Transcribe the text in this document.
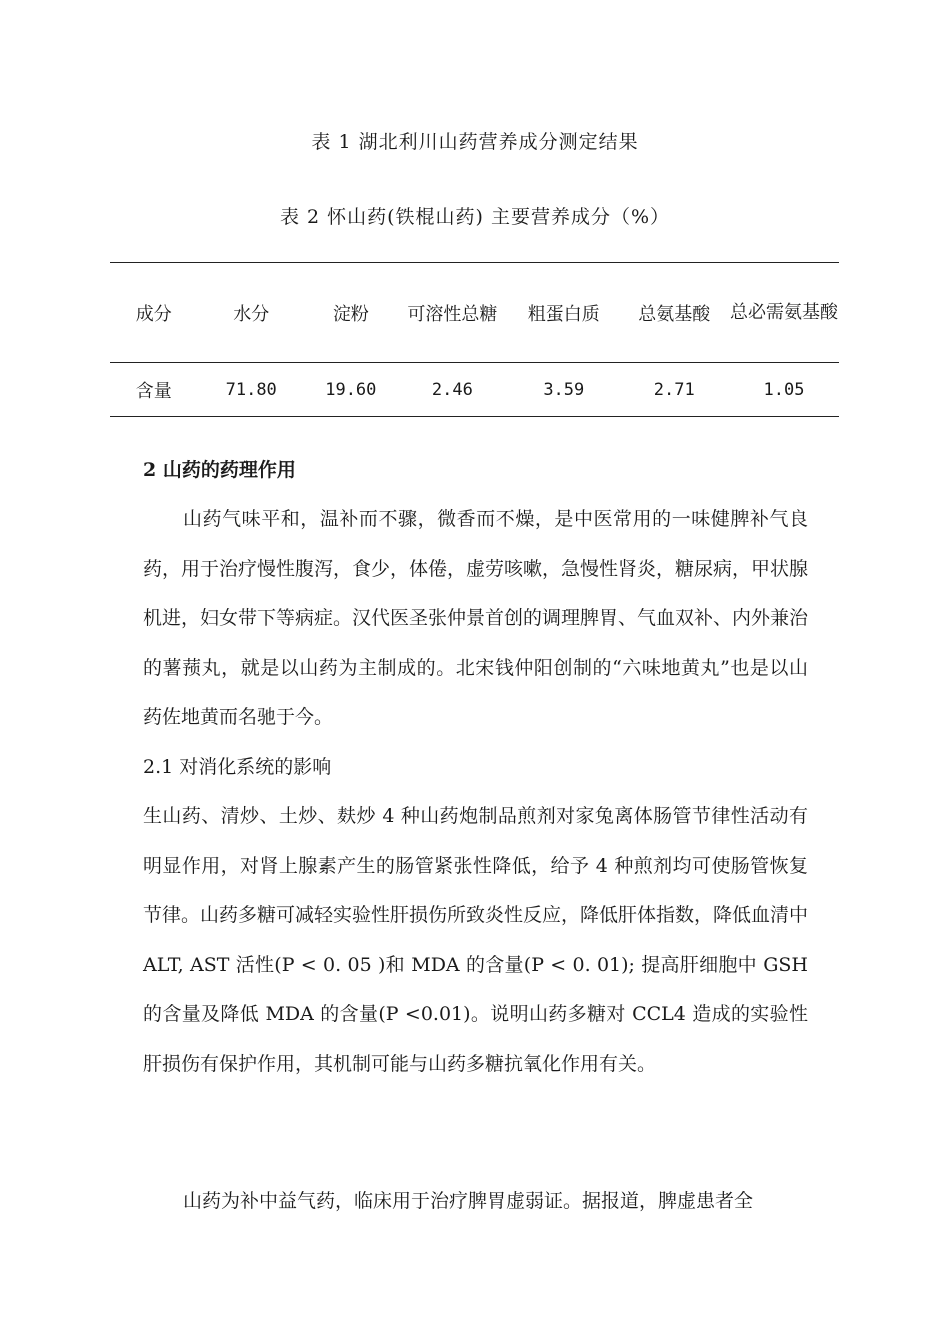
表 1 湖北利川山药营养成分测定结果
表 2 怀山药(铁棍山药) 主要营养成分（%）
成分	水分	淀粉	可溶性总糖	粗蛋白质	总氨基酸	总必需氨基酸
含量	71.80	19.60	2.46	3.59	2.71	1.05
2 山药的药理作用
山药气味平和，温补而不骤，微香而不燥，是中医常用的一味健脾补气良药，用于治疗慢性腹泻，食少，体倦，虚劳咳嗽，急慢性肾炎，糖尿病，甲状腺机进，妇女带下等病症。汉代医圣张仲景首创的调理脾胃、气血双补、内外兼治的薯蓣丸，就是以山药为主制成的。北宋钱仲阳创制的“六味地黄丸”也是以山药佐地黄而名驰于今。
2.1 对消化系统的影响
生山药、清炒、土炒、麸炒 4 种山药炮制品煎剂对家兔离体肠管节律性活动有明显作用，对肾上腺素产生的肠管紧张性降低，给予 4 种煎剂均可使肠管恢复节律。山药多糖可减轻实验性肝损伤所致炎性反应，降低肝体指数，降低血清中 ALT, AST 活性(P < 0. 05 )和 MDA 的含量(P < 0. 01); 提高肝细胞中 GSH 的含量及降低 MDA 的含量(P <0.01)。说明山药多糖对 CCL4 造成的实验性肝损伤有保护作用，其机制可能与山药多糖抗氧化作用有关。
山药为补中益气药，临床用于治疗脾胃虚弱证。据报道，脾虚患者全
